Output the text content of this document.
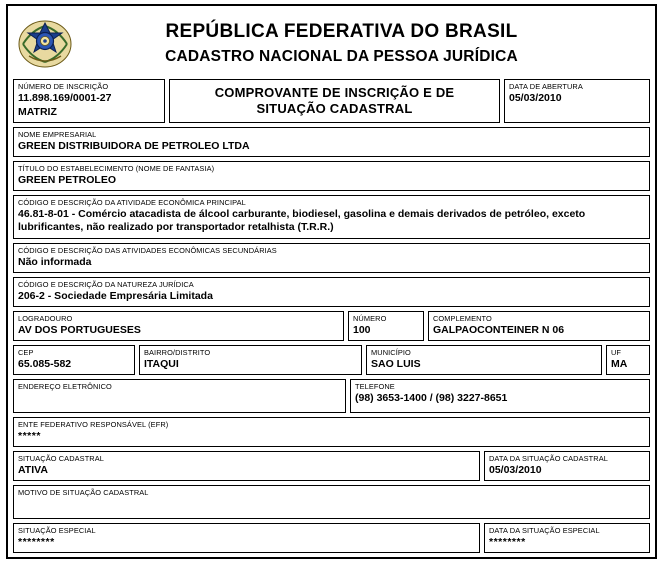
REPÚBLICA FEDERATIVA DO BRASIL
CADASTRO NACIONAL DA PESSOA JURÍDICA
NÚMERO DE INSCRIÇÃO
11.898.169/0001-27
MATRIZ
COMPROVANTE DE INSCRIÇÃO E DE
SITUAÇÃO CADASTRAL
DATA DE ABERTURA
05/03/2010
NOME EMPRESARIAL
GREEN DISTRIBUIDORA DE PETROLEO LTDA
TÍTULO DO ESTABELECIMENTO (NOME DE FANTASIA)
GREEN PETROLEO
CÓDIGO E DESCRIÇÃO DA ATIVIDADE ECONÔMICA PRINCIPAL
46.81-8-01 - Comércio atacadista de álcool carburante, biodiesel, gasolina e demais derivados de petróleo, exceto lubrificantes, não realizado por transportador retalhista (T.R.R.)
CÓDIGO E DESCRIÇÃO DAS ATIVIDADES ECONÔMICAS SECUNDÁRIAS
Não informada
CÓDIGO E DESCRIÇÃO DA NATUREZA JURÍDICA
206-2 - Sociedade Empresária Limitada
LOGRADOURO
AV DOS PORTUGUESES
NÚMERO
100
COMPLEMENTO
GALPAOCONTEINER N 06
CEP
65.085-582
BAIRRO/DISTRITO
ITAQUI
MUNICÍPIO
SAO LUIS
UF
MA
ENDEREÇO ELETRÔNICO	TELEFONE
(98) 3653-1400 / (98) 3227-8651
ENTE FEDERATIVO RESPONSÁVEL (EFR)
*****
SITUAÇÃO CADASTRAL
ATIVA
DATA DA SITUAÇÃO CADASTRAL
05/03/2010
MOTIVO DE SITUAÇÃO CADASTRAL
SITUAÇÃO ESPECIAL
********
DATA DA SITUAÇÃO ESPECIAL
********
